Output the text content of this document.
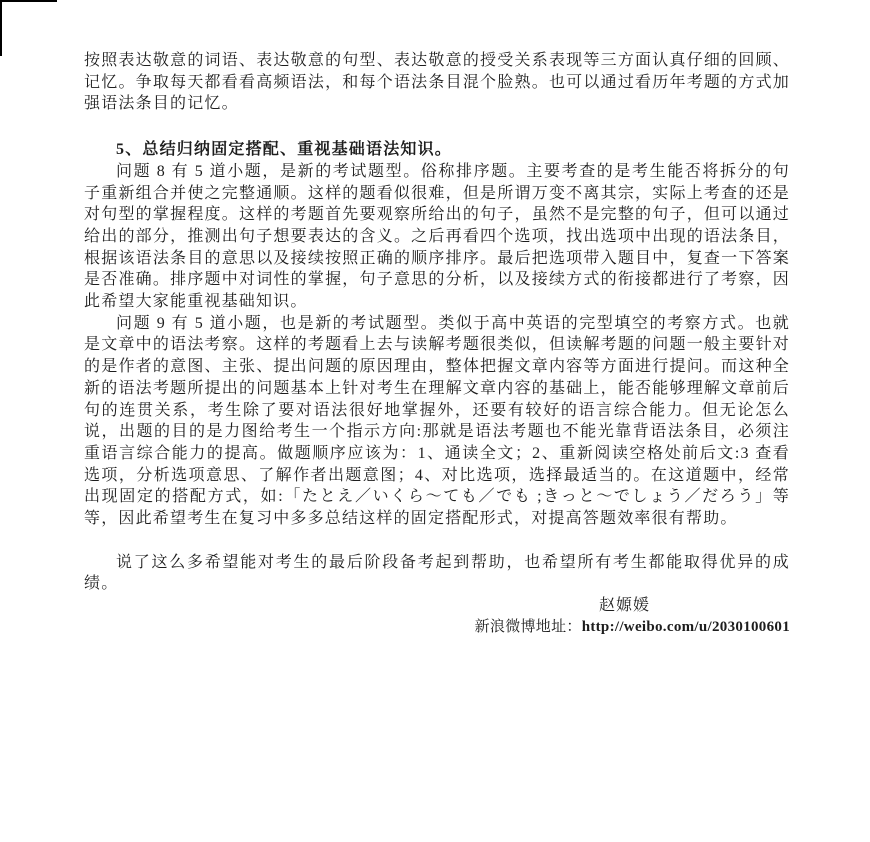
按照表达敬意的词语、表达敬意的句型、表达敬意的授受关系表现等三方面认真仔细的回顾、记忆。争取每天都看看高频语法，和每个语法条目混个脸熟。也可以通过看历年考题的方式加强语法条目的记忆。

5、总结归纳固定搭配、重视基础语法知识。

问题 8 有 5 道小题，是新的考试题型。俗称排序题。主要考查的是考生能否将拆分的句子重新组合并使之完整通顺。这样的题看似很难，但是所谓万变不离其宗，实际上考查的还是对句型的掌握程度。这样的考题首先要观察所给出的句子，虽然不是完整的句子，但可以通过给出的部分，推测出句子想要表达的含义。之后再看四个选项，找出选项中出现的语法条目，根据该语法条目的意思以及接续按照正确的顺序排序。最后把选项带入题目中，复查一下答案是否准确。排序题中对词性的掌握，句子意思的分析，以及接续方式的衔接都进行了考察，因此希望大家能重视基础知识。

问题 9 有 5 道小题，也是新的考试题型。类似于高中英语的完型填空的考察方式。也就是文章中的语法考察。这样的考题看上去与读解考题很类似，但读解考题的问题一般主要针对的是作者的意图、主张、提出问题的原因理由，整体把握文章内容等方面进行提问。而这种全新的语法考题所提出的问题基本上针对考生在理解文章内容的基础上，能否能够理解文章前后句的连贯关系，考生除了要对语法很好地掌握外，还要有较好的语言综合能力。但无论怎么说，出题的目的是力图给考生一个指示方向:那就是语法考题也不能光靠背语法条目，必须注重语言综合能力的提高。做题顺序应该为：1、通读全文；2、重新阅读空格处前后文:3 查看选项，分析选项意思、了解作者出题意图；4、对比选项，选择最适当的。在这道题中，经常出现固定的搭配方式，如:「たとえ／いくら～ても／でも ;きっと～でしょう／だろう」等等，因此希望考生在复习中多多总结这样的固定搭配形式，对提高答题效率很有帮助。

说了这么多希望能对考生的最后阶段备考起到帮助，也希望所有考生都能取得优异的成绩。

赵嫄媛
新浪微博地址：http://weibo.com/u/2030100601
